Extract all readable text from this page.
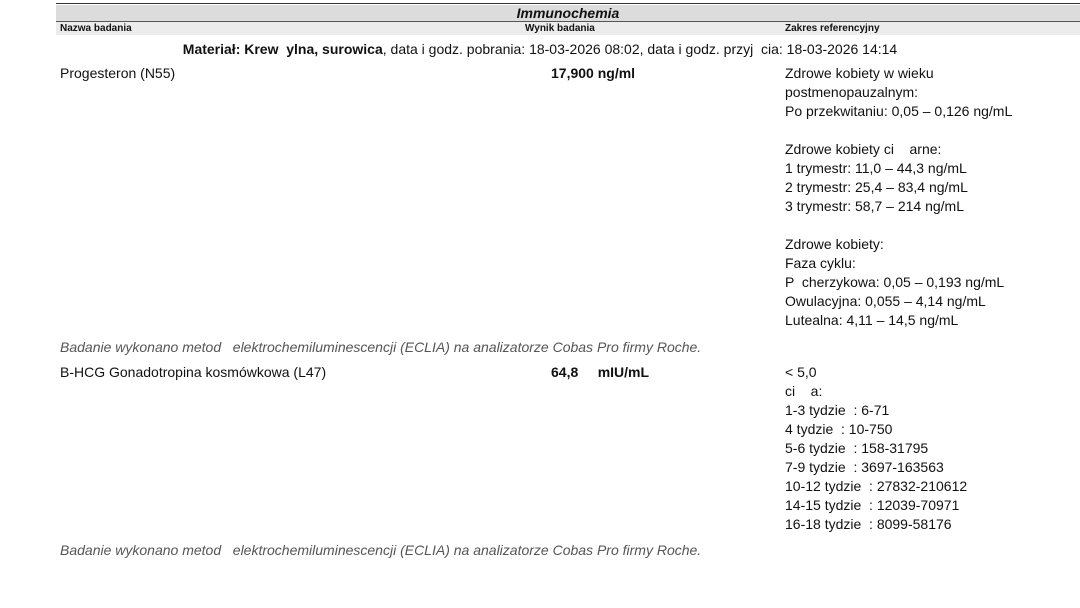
Immunochemia
Nazwa badania	Wynik badania	Zakres referencyjny
Materiał: Krew  ylna, surowica, data i godz. pobrania: 18-03-2026 08:02, data i godz. przyj  cia: 18-03-2026 14:14
Progesteron (N55)	17,900 ng/ml	Zdrowe kobiety w wieku
postmenopauzalnym:
Po przekwitaniu: 0,05 – 0,126 ng/mL
Zdrowe kobiety ci    arne:
1 trymestr: 11,0 – 44,3 ng/mL
2 trymestr: 25,4 – 83,4 ng/mL
3 trymestr: 58,7 – 214 ng/mL
Zdrowe kobiety:
Faza cyklu:
P  cherzykowa: 0,05 – 0,193 ng/mL
Owulacyjna: 0,055 – 4,14 ng/mL
Lutealna: 4,11 – 14,5 ng/mL
Badanie wykonano metod   elektrochemiluminescencji (ECLIA) na analizatorze Cobas Pro firmy Roche.
B-HCG Gonadotropina kosmówkowa (L47)	64,8     mIU/mL	< 5,0
ci    a:
1-3 tydzie  : 6-71
4 tydzie  : 10-750
5-6 tydzie  : 158-31795
7-9 tydzie  : 3697-163563
10-12 tydzie  : 27832-210612
14-15 tydzie  : 12039-70971
16-18 tydzie  : 8099-58176
Badanie wykonano metod   elektrochemiluminescencji (ECLIA) na analizatorze Cobas Pro firmy Roche.
